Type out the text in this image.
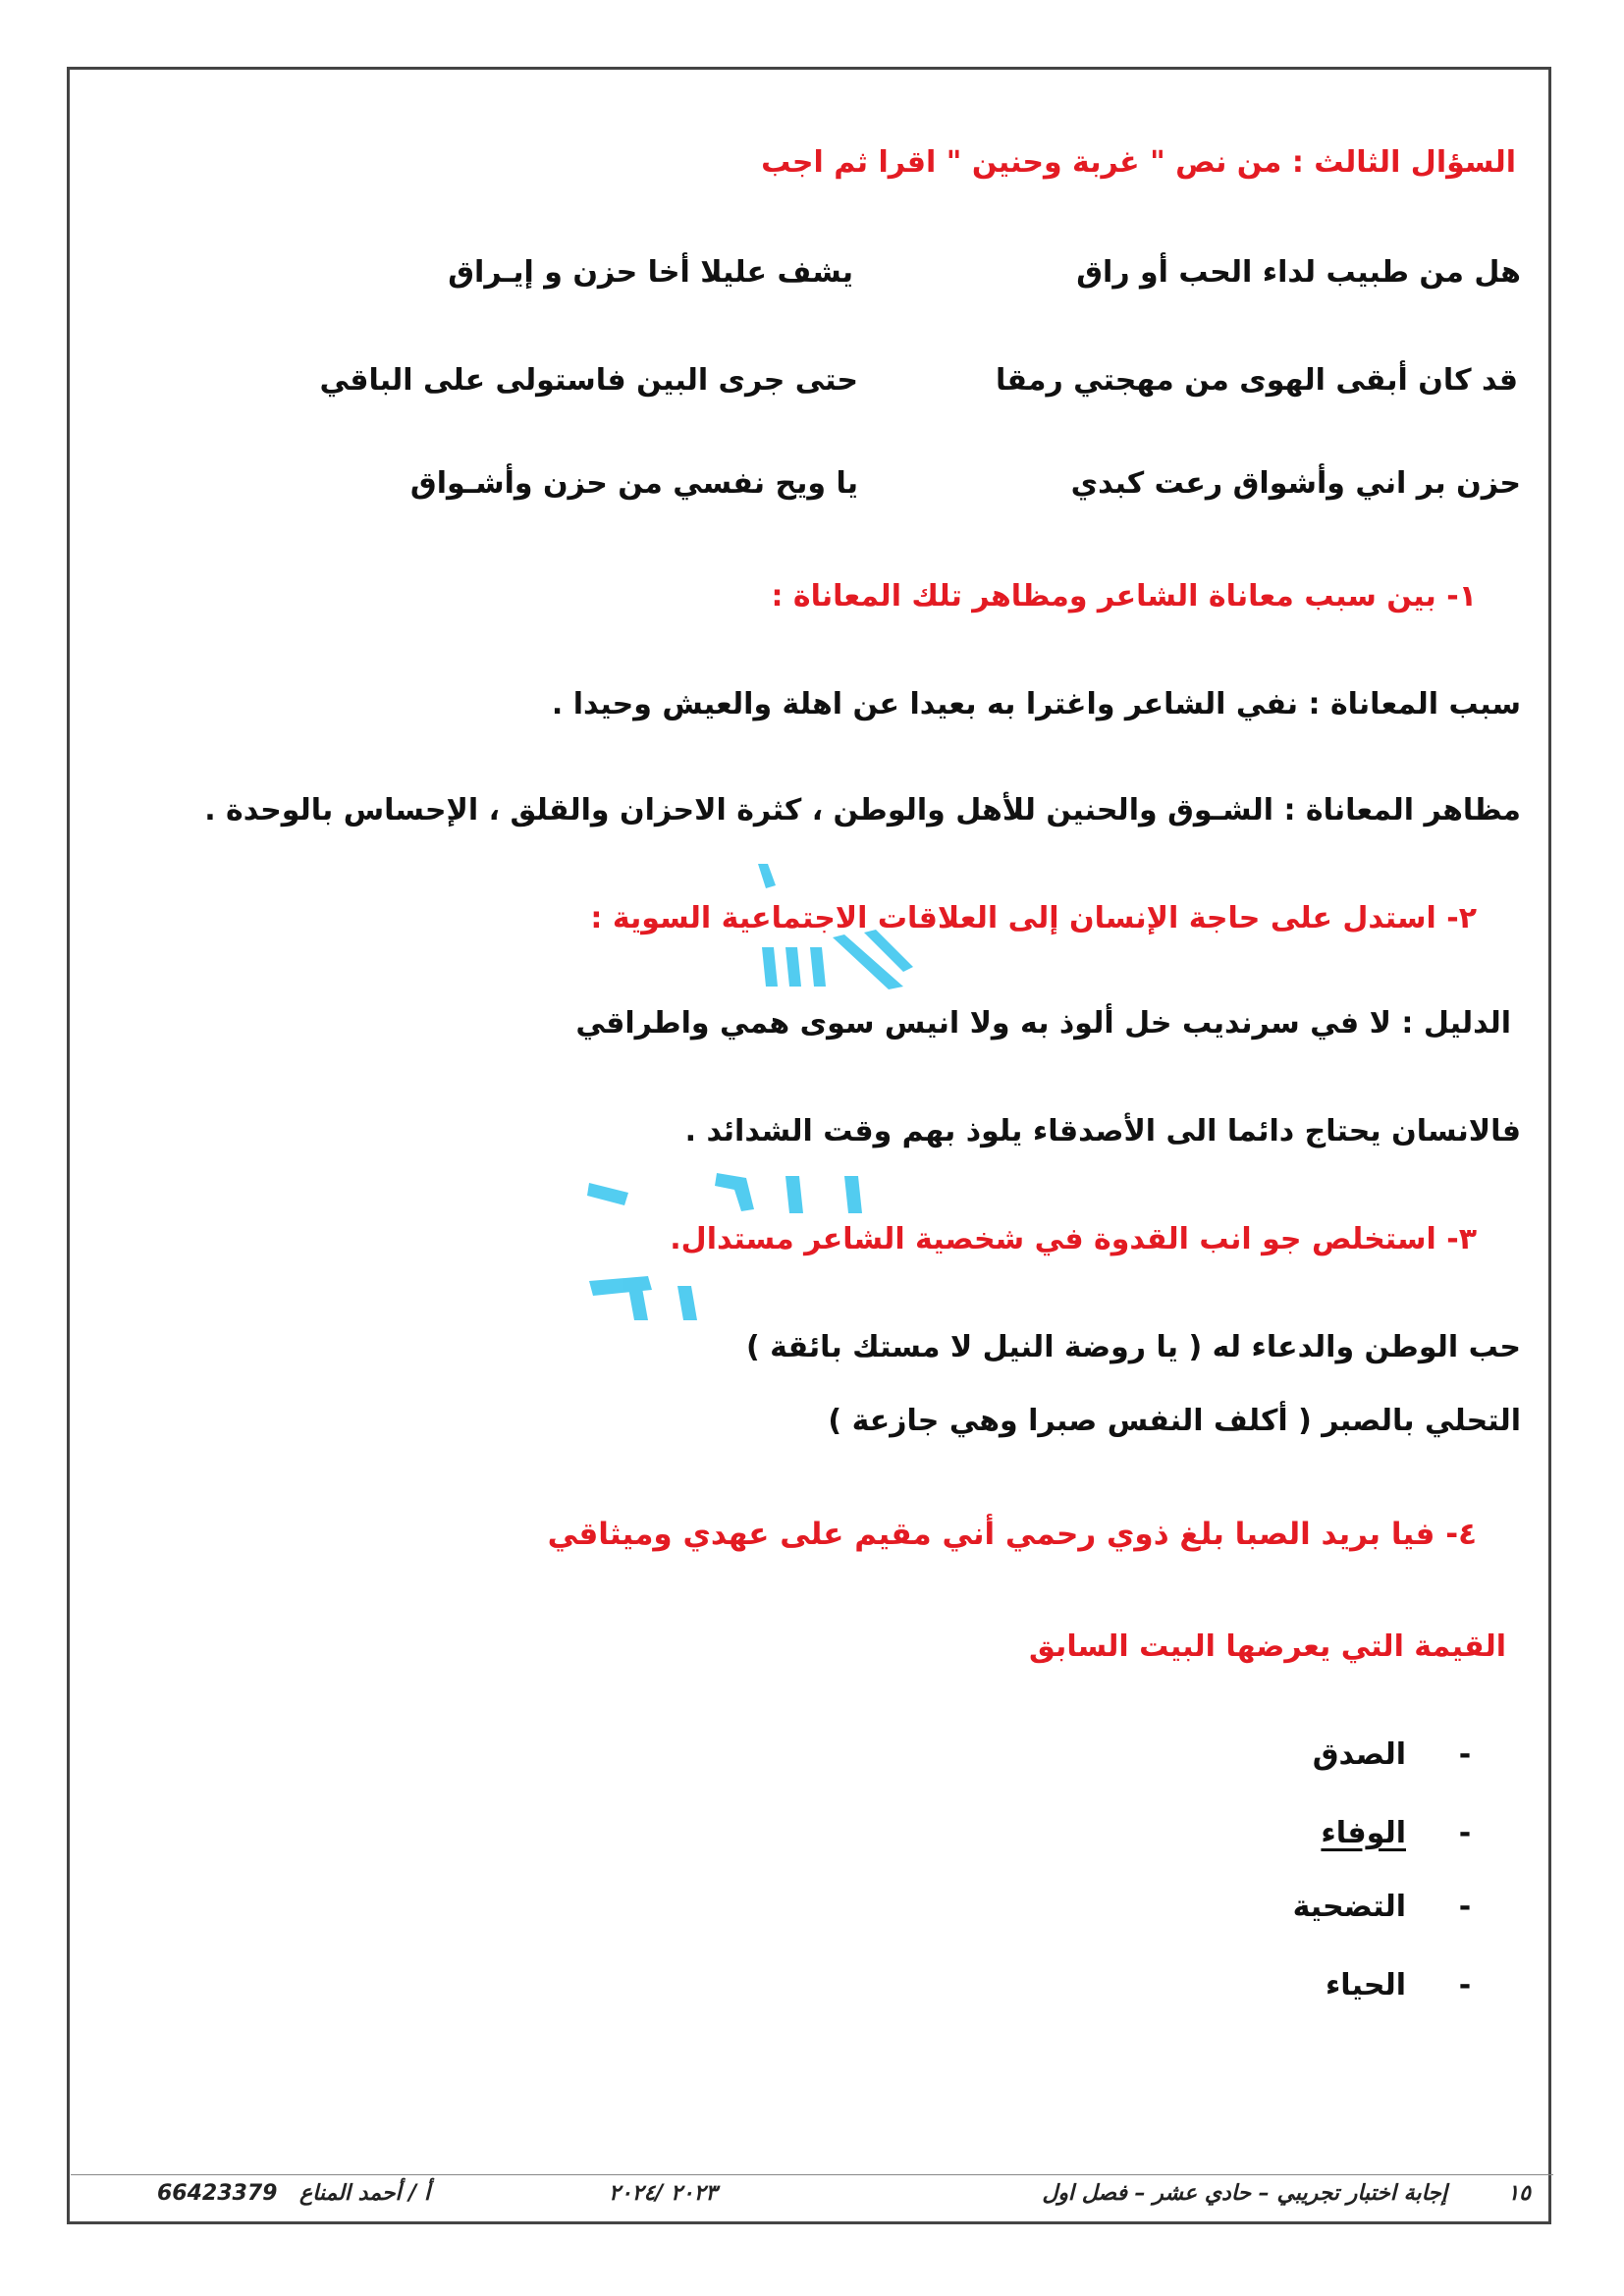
السؤال الثالث : من نص " غربة وحنين " اقرا ثم اجب
هل من طبيب لداء الحب أو راق
يشف عليلا أخا حزن و إيـراق
قد كان أبقى الهوى من مهجتي رمقا
حتى جرى البين فاستولى على الباقي
حزن بر اني وأشواق رعت كبدي
يا ويح نفسي من حزن وأشـواق
١- بين سبب معاناة الشاعر ومظاهر تلك المعاناة :
سبب المعاناة : نفي الشاعر واغترا به بعيدا عن اهلة والعيش وحيدا .
مظاهر المعاناة : الشـوق والحنين للأهل والوطن ، كثرة الاحزان والقلق ، الإحساس بالوحدة .
٢- استدل على حاجة الإنسان إلى العلاقات الاجتماعية السوية :
الدليل : لا في سرنديب خل ألوذ به ولا انيس سوى همي واطراقي
فالانسان يحتاج دائما الى الأصدقاء يلوذ بهم وقت الشدائد .
٣- استخلص جو انب القدوة في شخصية الشاعر مستدال.
حب الوطن والدعاء له ( يا روضة النيل لا مستك بائقة )
التحلي بالصبر ( أكلف النفس صبرا وهي جازعة )
٤- فيا بريد الصبا بلغ ذوي رحمي أني مقيم على عهدي وميثاقي
القيمة التي يعرضها البيت السابق
-الصدق
-الوفاء
-التضحية
-الحياء
١٥
إجابة اختبار تجريبي – حادي عشر – فصل اول
٢٠٢٣ /٢٠٢٤
أ / أحمد المناع
66423379
